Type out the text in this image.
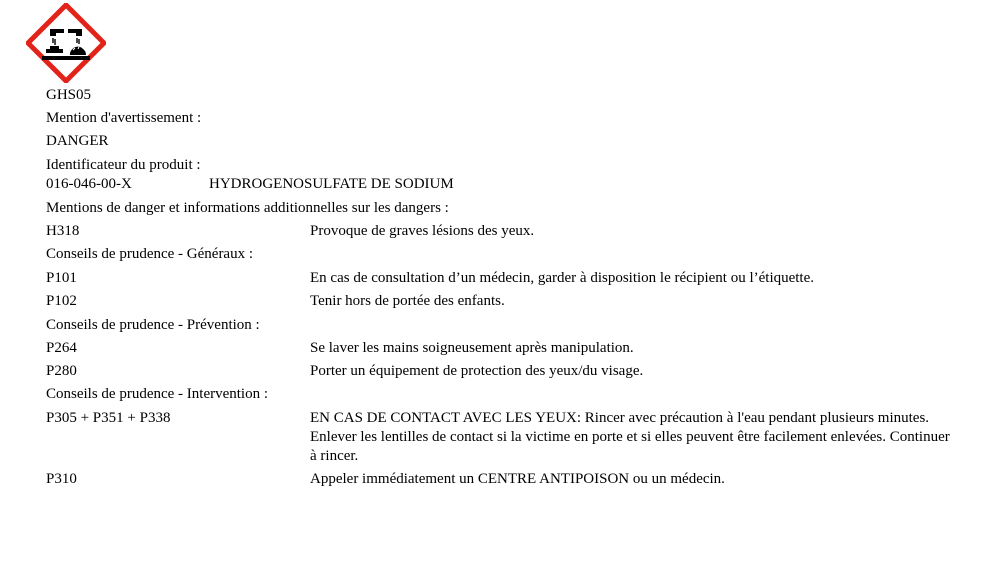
GHS05
Mention d'avertissement :
DANGER
Identificateur du produit :
016-046-00-X	HYDROGENOSULFATE DE SODIUM
Mentions de danger et informations additionnelles sur les dangers :
H318	Provoque de graves lésions des yeux.
Conseils de prudence - Généraux :
P101	En cas de consultation d’un médecin, garder à disposition le récipient ou l’étiquette.
P102	Tenir hors de portée des enfants.
Conseils de prudence - Prévention :
P264	Se laver les mains soigneusement après manipulation.
P280	Porter un équipement de protection des yeux/du visage.
Conseils de prudence - Intervention :
P305 + P351 + P338	EN CAS DE CONTACT AVEC LES YEUX: Rincer avec précaution à l'eau pendant plusieurs minutes. Enlever les lentilles de contact si la victime en porte et si elles peuvent être facilement enlevées. Continuer à rincer.
P310	Appeler immédiatement un CENTRE ANTIPOISON ou un médecin.
